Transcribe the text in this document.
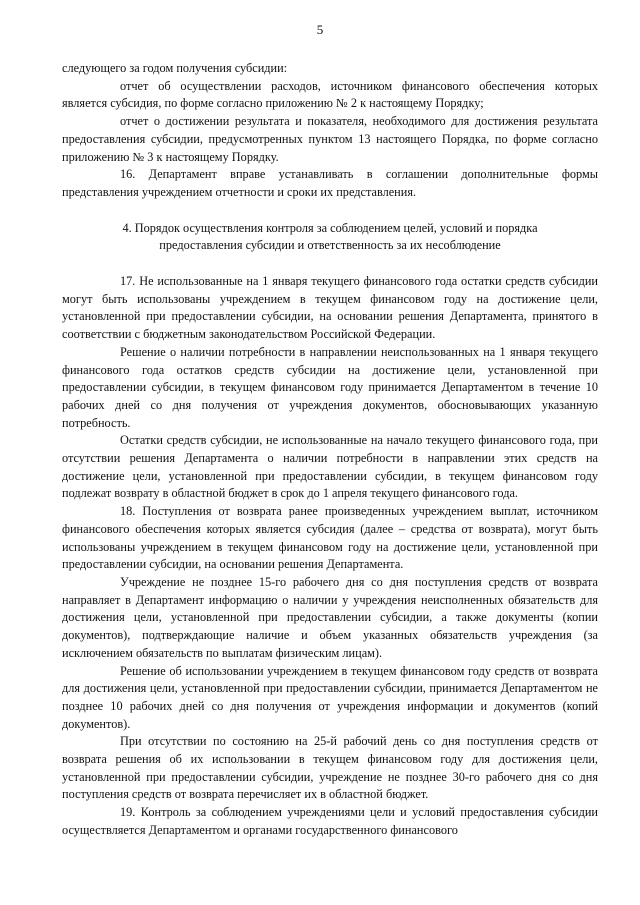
5

следующего за годом получения субсидии:

отчет об осуществлении расходов, источником финансового обеспечения которых является субсидия, по форме согласно приложению № 2 к настоящему Порядку;

отчет о достижении результата и показателя, необходимого для достижения результата предоставления субсидии, предусмотренных пунктом 13 настоящего Порядка, по форме согласно приложению № 3 к настоящему Порядку.

16. Департамент вправе устанавливать в соглашении дополнительные формы представления учреждением отчетности и сроки их представления.

4. Порядок осуществления контроля за соблюдением целей, условий и порядка предоставления субсидии и ответственность за их несоблюдение

17. Не использованные на 1 января текущего финансового года остатки средств субсидии могут быть использованы учреждением в текущем финансовом году на достижение цели, установленной при предоставлении субсидии, на основании решения Департамента, принятого в соответствии с бюджетным законодательством Российской Федерации.

Решение о наличии потребности в направлении неиспользованных на 1 января текущего финансового года остатков средств субсидии на достижение цели, установленной при предоставлении субсидии, в текущем финансовом году принимается Департаментом в течение 10 рабочих дней со дня получения от учреждения документов, обосновывающих указанную потребность.

Остатки средств субсидии, не использованные на начало текущего финансового года, при отсутствии решения Департамента о наличии потребности в направлении этих средств на достижение цели, установленной при предоставлении субсидии, в текущем финансовом году подлежат возврату в областной бюджет в срок до 1 апреля текущего финансового года.

18. Поступления от возврата ранее произведенных учреждением выплат, источником финансового обеспечения которых является субсидия (далее – средства от возврата), могут быть использованы учреждением в текущем финансовом году на достижение цели, установленной при предоставлении субсидии, на основании решения Департамента.

Учреждение не позднее 15-го рабочего дня со дня поступления средств от возврата направляет в Департамент информацию о наличии у учреждения неисполненных обязательств для достижения цели, установленной при предоставлении субсидии, а также документы (копии документов), подтверждающие наличие и объем указанных обязательств учреждения (за исключением обязательств по выплатам физическим лицам).

Решение об использовании учреждением в текущем финансовом году средств от возврата для достижения цели, установленной при предоставлении субсидии, принимается Департаментом не позднее 10 рабочих дней со дня получения от учреждения информации и документов (копий документов).

При отсутствии по состоянию на 25-й рабочий день со дня поступления средств от возврата решения об их использовании в текущем финансовом году для достижения цели, установленной при предоставлении субсидии, учреждение не позднее 30-го рабочего дня со дня поступления средств от возврата перечисляет их в областной бюджет.

19. Контроль за соблюдением учреждениями цели и условий предоставления субсидии осуществляется Департаментом и органами государственного финансового
